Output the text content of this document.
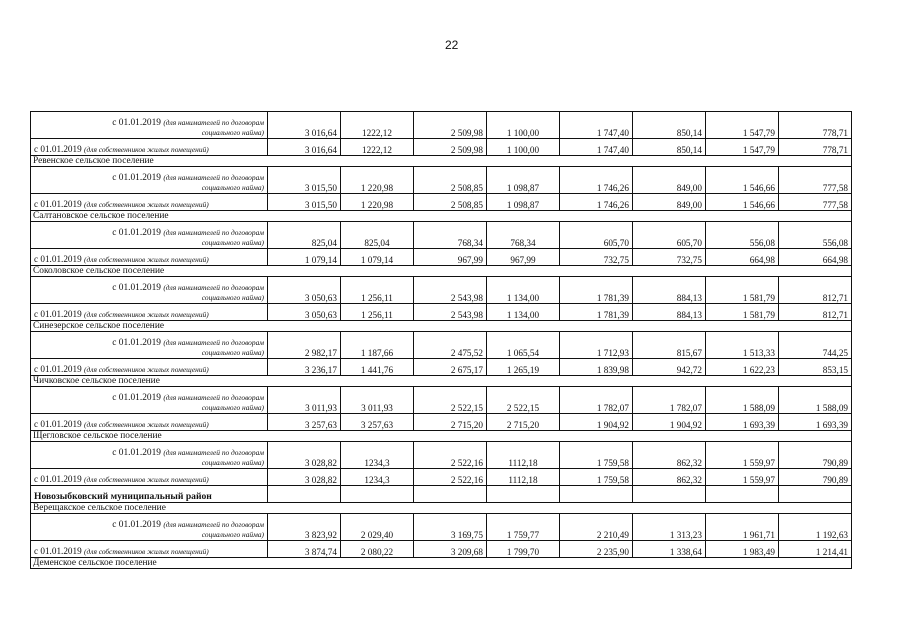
22
с 01.01.2019 (для нанимателей по договорам
социального найма)	3 016,64	1222,12	2 509,98	1 100,00	1 747,40	850,14	1 547,79	778,71
с 01.01.2019 (для собственников жилых помещений)	3 016,64	1222,12	2 509,98	1 100,00	1 747,40	850,14	1 547,79	778,71
Ревенское сельское поселение								

с 01.01.2019 (для нанимателей по договорам
социального найма)	3 015,50	1 220,98	2 508,85	1 098,87	1 746,26	849,00	1 546,66	777,58
с 01.01.2019 (для собственников жилых помещений)	3 015,50	1 220,98	2 508,85	1 098,87	1 746,26	849,00	1 546,66	777,58
Салтановское сельское поселение								

с 01.01.2019 (для нанимателей по договорам
социального найма)	825,04	825,04	768,34	768,34	605,70	605,70	556,08	556,08
с 01.01.2019 (для собственников жилых помещений)	1 079,14	1 079,14	967,99	967,99	732,75	732,75	664,98	664,98
Соколовское сельское поселение								

с 01.01.2019 (для нанимателей по договорам
социального найма)	3 050,63	1 256,11	2 543,98	1 134,00	1 781,39	884,13	1 581,79	812,71
с 01.01.2019 (для собственников жилых помещений)	3 050,63	1 256,11	2 543,98	1 134,00	1 781,39	884,13	1 581,79	812,71
Синезерское сельское поселение								

с 01.01.2019 (для нанимателей по договорам
социального найма)	2 982,17	1 187,66	2 475,52	1 065,54	1 712,93	815,67	1 513,33	744,25
с 01.01.2019 (для собственников жилых помещений)	3 236,17	1 441,76	2 675,17	1 265,19	1 839,98	942,72	1 622,23	853,15
Чичковское сельское поселение								

с 01.01.2019 (для нанимателей по договорам
социального найма)	3 011,93	3 011,93	2 522,15	2 522,15	1 782,07	1 782,07	1 588,09	1 588,09
с 01.01.2019 (для собственников жилых помещений)	3 257,63	3 257,63	2 715,20	2 715,20	1 904,92	1 904,92	1 693,39	1 693,39
Щегловское сельское поселение								

с 01.01.2019 (для нанимателей по договорам
социального найма)	3 028,82	1234,3	2 522,16	1112,18	1 759,58	862,32	1 559,97	790,89
с 01.01.2019 (для собственников жилых помещений)	3 028,82	1234,3	2 522,16	1112,18	1 759,58	862,32	1 559,97	790,89
Новозыбковский муниципальный район								
Верещакское сельское поселение								

с 01.01.2019 (для нанимателей по договорам
социального найма)	3 823,92	2 029,40	3 169,75	1 759,77	2 210,49	1 313,23	1 961,71	1 192,63
с 01.01.2019 (для собственников жилых помещений)	3 874,74	2 080,22	3 209,68	1 799,70	2 235,90	1 338,64	1 983,49	1 214,41
Деменское сельское поселение								
